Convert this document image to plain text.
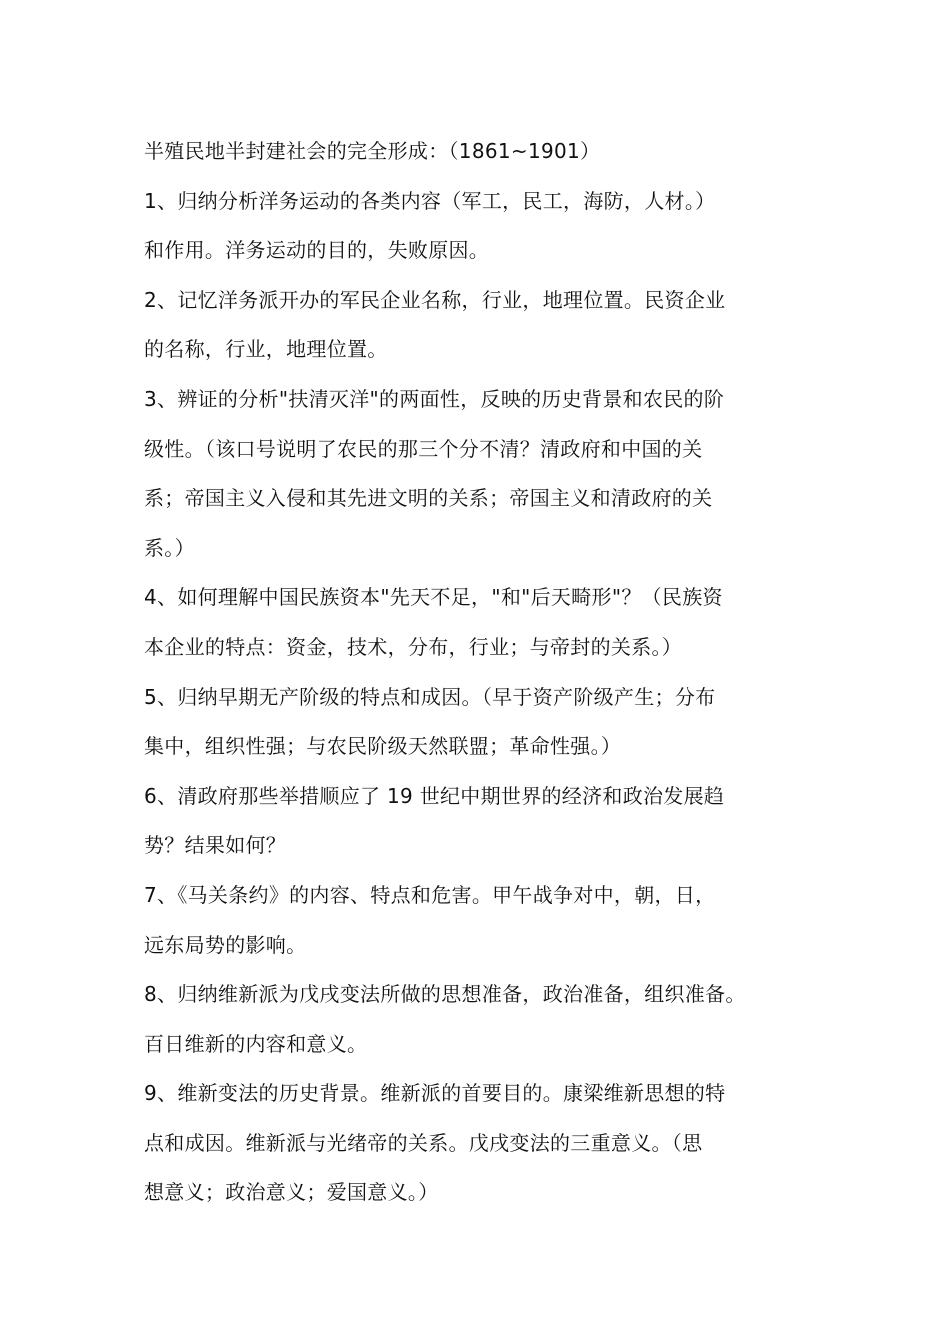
半殖民地半封建社会的完全形成：（1861~1901）
1、归纳分析洋务运动的各类内容（军工，民工，海防，人材。）
和作用。洋务运动的目的，失败原因。
2、记忆洋务派开办的军民企业名称，行业，地理位置。民资企业
的名称，行业，地理位置。
3、辨证的分析"扶清灭洋"的两面性，反映的历史背景和农民的阶
级性。（该口号说明了农民的那三个分不清？清政府和中国的关
系；帝国主义入侵和其先进文明的关系；帝国主义和清政府的关
系。）
4、如何理解中国民族资本"先天不足，"和"后天畸形"？（民族资
本企业的特点：资金，技术，分布，行业；与帝封的关系。）
5、归纳早期无产阶级的特点和成因。（早于资产阶级产生；分布
集中，组织性强；与农民阶级天然联盟；革命性强。）
6、清政府那些举措顺应了 19 世纪中期世界的经济和政治发展趋
势？结果如何？
7、《马关条约》的内容、特点和危害。甲午战争对中，朝，日，
远东局势的影响。
8、归纳维新派为戊戌变法所做的思想准备，政治准备，组织准备。
百日维新的内容和意义。
9、维新变法的历史背景。维新派的首要目的。康梁维新思想的特
点和成因。维新派与光绪帝的关系。戊戌变法的三重意义。（思
想意义；政治意义；爱国意义。）
